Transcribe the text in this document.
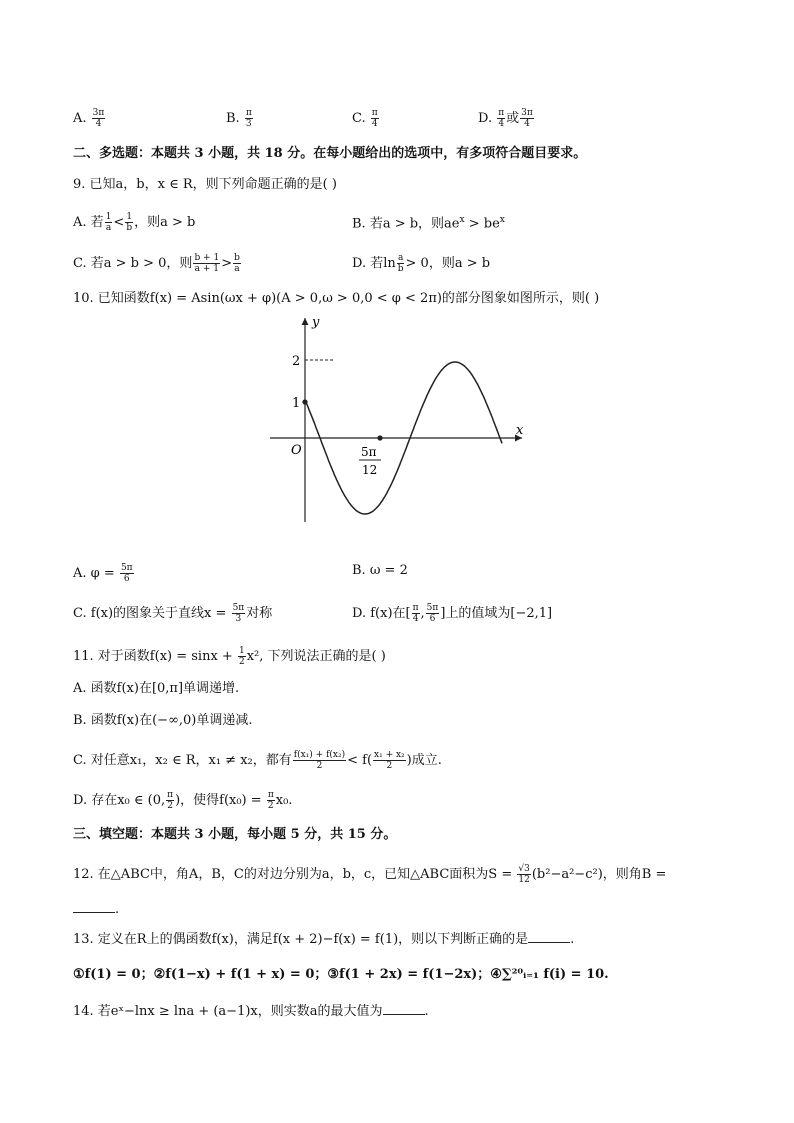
A. $\frac{3\pi}{4}$	B. $\frac{\pi}{3}$	C. $\frac{\pi}{4}$	D. $\frac{\pi}{4}$ 或 $\frac{3\pi}{4}$
二、多选题：本题共 3 小题，共 18 分。在每小题给出的选项中，有多项符合题目要求。
9. 已知a，b，x ∈ R，则下列命题正确的是( )
A. 若 $\frac{1}{a} < \frac{1}{b}$ ，则a > b	B. 若a > b，则$ae^x > be^x$
C. 若a > b > 0，则 $\frac{b + 1}{a + 1} > \frac{b}{a}$	D. 若$\ln \frac{a}{b} > 0$，则a > b
10. 已知函数f(x) = Asin(ωx + φ)(A > 0,ω > 0,0 < φ < 2π)的部分图象如图所示，则( )
y
x
O
2
1
5π
12
A. $\varphi = \frac{5\pi}{6}$	B. ω = 2
C. f(x)的图象关于直线$x = \frac{5\pi}{3}$ 对称	D. f(x)在[ $\frac{\pi}{4}$ , $\frac{5\pi}{6}$ ]上的值域为[−2,1]
11. 对于函数$f(x) = \sin x + \frac{1}{2} x^2$, 下列说法正确的是( )
A. 函数f(x)在[0,π]单调递增.
B. 函数f(x)在(−∞,0)单调递减.
C. 对任意x₁，x₂ ∈ R，x₁ ≠ x₂，都有 $\frac{\text{f(x₁) + f(x₂)}}{2} < f( \frac{\text{x₁ + x₂}}{2}$ )成立.
D. 存在x₀ ∈ (0, $\frac{\pi}{2}$ )，使得$f(x_0) = \frac{\pi}{2} x_0$.
三、填空题：本题共 3 小题，每小题 5 分，共 15 分。
12. 在△ABC中，角A，B，C的对边分别为a，b，c，已知△ABC面积为$S = \frac{√3}{12} (b^2-a^2-c^2)$，则角B =
.
13. 定义在R上的偶函数f(x)，满足f(x + 2)−f(x) = f(1)，则以下判断正确的是	.
①f(1) = 0；②f(1−x) + f(1 + x) = 0；③f(1 + 2x) = f(1−2x)；④∑²⁰ᵢ₌₁ f(i) = 10.
14. 若eˣ−lnx ≥ lna + (a−1)x，则实数a的最大值为	.
